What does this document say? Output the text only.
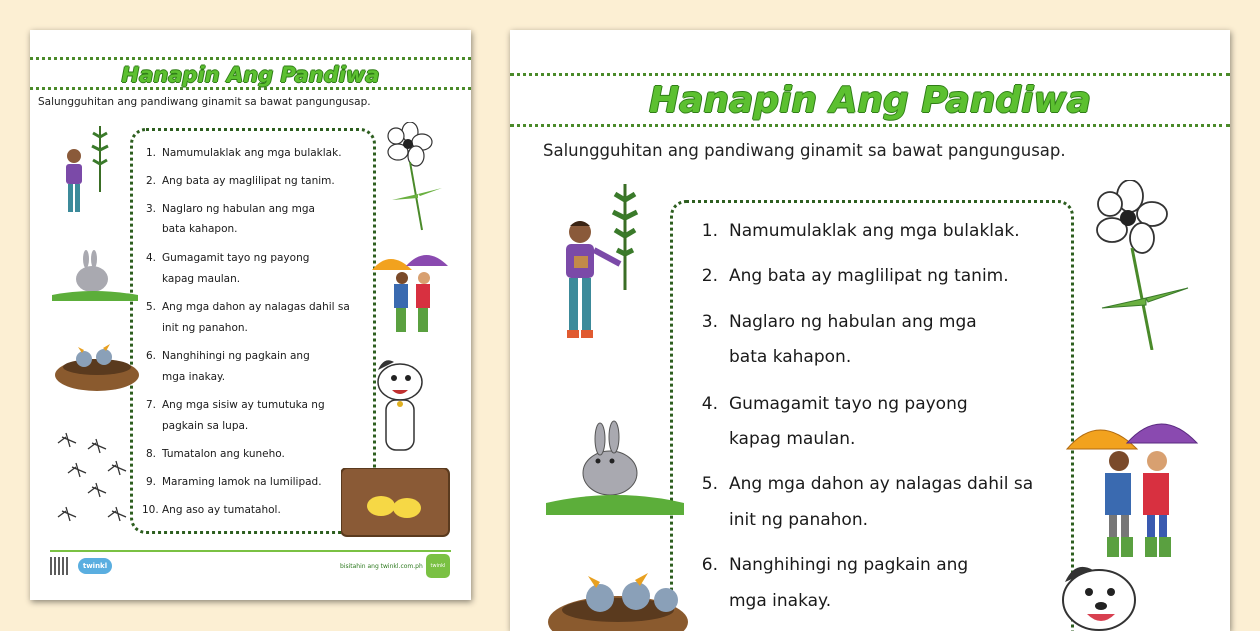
Hanapin Ang Pandiwa
Salungguhitan ang pandiwang ginamit sa bawat pangungusap.
1. Namumulaklak ang mga bulaklak.
2. Ang bata ay maglilipat ng tanim.
3. Naglaro ng habulan ang mga
bata kahapon.
4. Gumagamit tayo ng payong
kapag maulan.
5. Ang mga dahon ay nalagas dahil sa
init ng panahon.
6. Nanghihingi ng pagkain ang
mga inakay.
7. Ang mga sisiw ay tumutuka ng
pagkain sa lupa.
8. Tumatalon ang kuneho.
9. Maraming lamok na lumilipad.
10. Ang aso ay tumatahol.
twinkl	bisitahin ang twinkl.com.ph	twinkl
Hanapin Ang Pandiwa
Salungguhitan ang pandiwang ginamit sa bawat pangungusap.
1. Namumulaklak ang mga bulaklak.
2. Ang bata ay maglilipat ng tanim.
3. Naglaro ng habulan ang mga
bata kahapon.
4. Gumagamit tayo ng payong
kapag maulan.
5. Ang mga dahon ay nalagas dahil sa
init ng panahon.
6. Nanghihingi ng pagkain ang
mga inakay.
